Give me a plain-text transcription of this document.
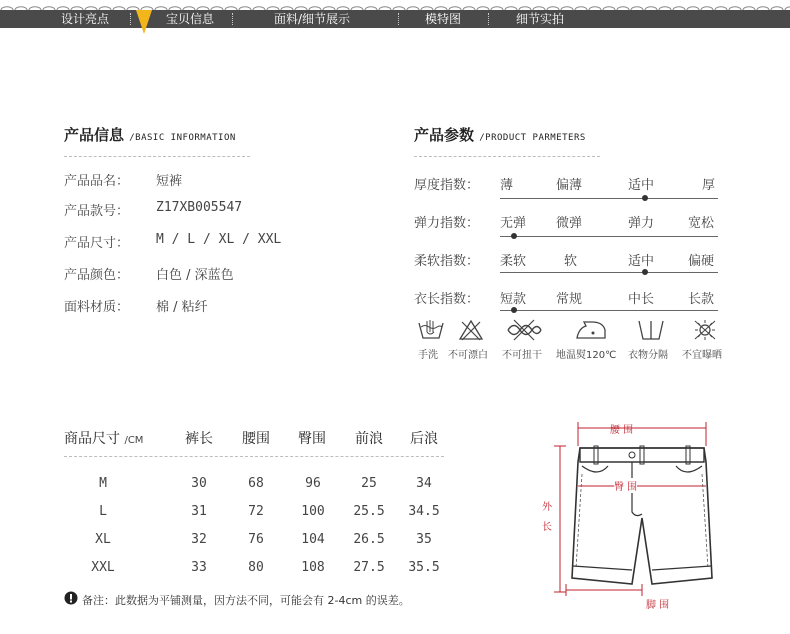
设计亮点	宝贝信息	面料/细节展示	模特图	细节实拍
产品信息 /BASIC INFORMATION
产品品名： 短裤
产品款号： Z17XB005547
产品尺寸： M / L / XL / XXL
产品颜色： 白色 / 深蓝色
面料材质： 棉 / 粘纤
产品参数 /PRODUCT PARMETERS
厚度指数： 薄	偏薄	适中	厚
弹力指数： 无弹 微弹	弹力	宽松
柔软指数： 柔软	软	适中	偏硬
衣长指数： 短款 常规	中长	长款
手洗 不可漂白 不可扭干 地温熨120℃ 衣物分隔 不宜曝晒
商品尺寸 /CM	裤长 腰围 臀围 前浪 后浪
M	30	68	96	25	34
L	31	72	100	25.5	34.5
XL	32	76	104	26.5	35
XXL	33	80	108	27.5	35.5
备注：此数据为平铺测量，因方法不同，可能会有 2-4cm 的误差。
腰 围
臀 围
外
长
脚 围
